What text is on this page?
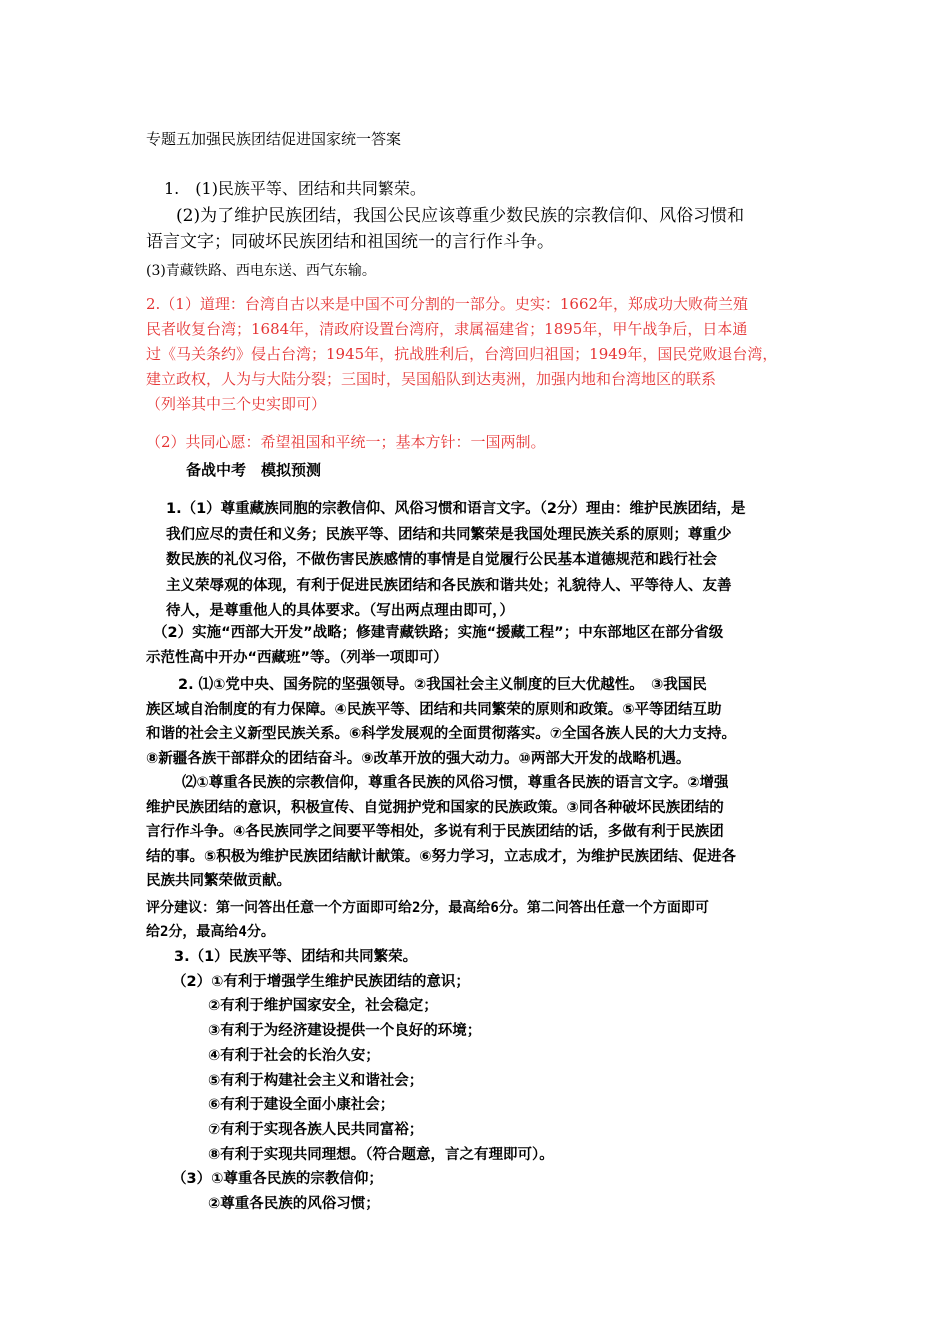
专题五加强民族团结促进国家统一答案
1.　(1)民族平等、团结和共同繁荣。
(2)为了维护民族团结，我国公民应该尊重少数民族的宗教信仰、风俗习惯和
语言文字；同破坏民族团结和祖国统一的言行作斗争。
(3)青藏铁路、西电东送、西气东输。
2.（1）道理：台湾自古以来是中国不可分割的一部分。史实：1662年，郑成功大败荷兰殖
民者收复台湾；1684年，清政府设置台湾府，隶属福建省；1895年，甲午战争后，日本通
过《马关条约》侵占台湾；1945年，抗战胜利后，台湾回归祖国；1949年，国民党败退台湾，
建立政权，人为与大陆分裂；三国时，吴国船队到达夷洲，加强内地和台湾地区的联系
（列举其中三个史实即可）
（2）共同心愿：希望祖国和平统一；基本方针：一国两制。
备战中考　模拟预测
1.（1）尊重藏族同胞的宗教信仰、风俗习惯和语言文字。（2分）理由：维护民族团结，是
我们应尽的责任和义务；民族平等、团结和共同繁荣是我国处理民族关系的原则；尊重少
数民族的礼仪习俗，不做伤害民族感情的事情是自觉履行公民基本道德规范和践行社会
主义荣辱观的体现，有利于促进民族团结和各民族和谐共处；礼貌待人、平等待人、友善
待人，是尊重他人的具体要求。（写出两点理由即可，）
（2）实施“西部大开发”战略；修建青藏铁路；实施“援藏工程”；中东部地区在部分省级
示范性高中开办“西藏班”等。（列举一项即可）
2. ⑴①党中央、国务院的坚强领导。②我国社会主义制度的巨大优越性。　③我国民
族区域自治制度的有力保障。④民族平等、团结和共同繁荣的原则和政策。⑤平等团结互助
和谐的社会主义新型民族关系。⑥科学发展观的全面贯彻落实。⑦全国各族人民的大力支持。
⑧新疆各族干部群众的团结奋斗。⑨改革开放的强大动力。⑩两部大开发的战略机遇。
⑵①尊重各民族的宗教信仰，尊重各民族的风俗习惯，尊重各民族的语言文字。②增强
维护民族团结的意识，积极宣传、自觉拥护党和国家的民族政策。③同各种破坏民族团结的
言行作斗争。④各民族同学之间要平等相处，多说有利于民族团结的话，多做有利于民族团
结的事。⑤积极为维护民族团结献计献策。⑥努力学习，立志成才，为维护民族团结、促进各
民族共同繁荣做贡献。
评分建议：第一问答出任意一个方面即可给2分，最高给6分。第二问答出任意一个方面即可
给2分，最高给4分。
3.（1）民族平等、团结和共同繁荣。
（2）①有利于增强学生维护民族团结的意识；
②有利于维护国家安全，社会稳定；
③有利于为经济建设提供一个良好的环境；
④有利于社会的长治久安；
⑤有利于构建社会主义和谐社会；
⑥有利于建设全面小康社会；
⑦有利于实现各族人民共同富裕；
⑧有利于实现共同理想。（符合题意，言之有理即可）。
（3）①尊重各民族的宗教信仰；
②尊重各民族的风俗习惯；
